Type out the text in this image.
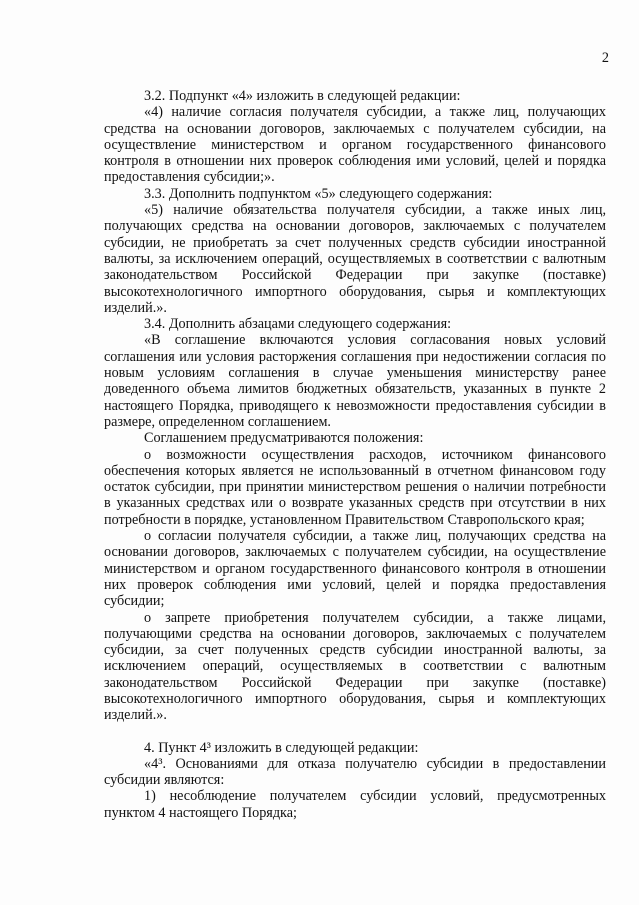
2

3.2. Подпункт «4» изложить в следующей редакции:

«4) наличие согласия получателя субсидии, а также лиц, получающих средства на основании договоров, заключаемых с получателем субсидии, на осуществление министерством и органом государственного финансового контроля в отношении них проверок соблюдения ими условий, целей и порядка предоставления субсидии;».

3.3. Дополнить подпунктом «5» следующего содержания:

«5) наличие обязательства получателя субсидии, а также иных лиц, получающих средства на основании договоров, заключаемых с получателем субсидии, не приобретать за счет полученных средств субсидии иностранной валюты, за исключением операций, осуществляемых в соответствии с валютным законодательством Российской Федерации при закупке (поставке) высокотехнологичного импортного оборудования, сырья и комплектующих изделий.».

3.4. Дополнить абзацами следующего содержания:

«В соглашение включаются условия согласования новых условий соглашения или условия расторжения соглашения при недостижении согласия по новым условиям соглашения в случае уменьшения министерству ранее доведенного объема лимитов бюджетных обязательств, указанных в пункте 2 настоящего Порядка, приводящего к невозможности предоставления субсидии в размере, определенном соглашением.

Соглашением предусматриваются положения:

о возможности осуществления расходов, источником финансового обеспечения которых является не использованный в отчетном финансовом году остаток субсидии, при принятии министерством решения о наличии потребности в указанных средствах или о возврате указанных средств при отсутствии в них потребности в порядке, установленном Правительством Ставропольского края;

о согласии получателя субсидии, а также лиц, получающих средства на основании договоров, заключаемых с получателем субсидии, на осуществление министерством и органом государственного финансового контроля в отношении них проверок соблюдения ими условий, целей и порядка предоставления субсидии;

о запрете приобретения получателем субсидии, а также лицами, получающими средства на основании договоров, заключаемых с получателем субсидии, за счет полученных средств субсидии иностранной валюты, за исключением операций, осуществляемых в соответствии с валютным законодательством Российской Федерации при закупке (поставке) высокотехнологичного импортного оборудования, сырья и комплектующих изделий.».

4. Пункт 4³ изложить в следующей редакции:

«4³. Основаниями для отказа получателю субсидии в предоставлении субсидии являются:

1) несоблюдение получателем субсидии условий, предусмотренных пунктом 4 настоящего Порядка;
